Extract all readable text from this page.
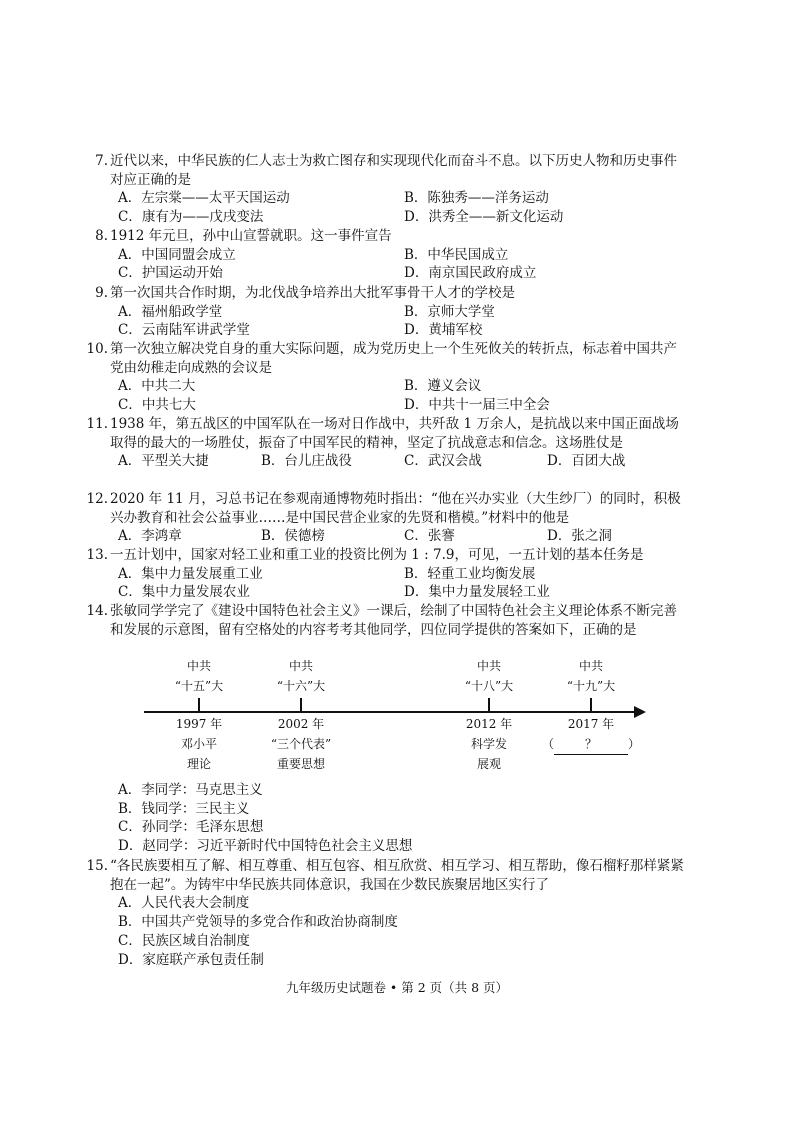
7. 近代以来，中华民族的仁人志士为救亡图存和实现现代化而奋斗不息。以下历史人物和历史事件对应正确的是
A．左宗棠——太平天国运动	B．陈独秀——洋务运动
C．康有为——戊戌变法	D．洪秀全——新文化运动
8. 1912 年元旦，孙中山宣誓就职。这一事件宣告
A．中国同盟会成立	B．中华民国成立
C．护国运动开始	D．南京国民政府成立
9. 第一次国共合作时期，为北伐战争培养出大批军事骨干人才的学校是
A．福州船政学堂	B．京师大学堂
C．云南陆军讲武学堂	D．黄埔军校
10. 第一次独立解决党自身的重大实际问题，成为党历史上一个生死攸关的转折点，标志着中国共产党由幼稚走向成熟的会议是
A．中共二大	B．遵义会议
C．中共七大	D．中共十一届三中全会
11. 1938 年，第五战区的中国军队在一场对日作战中，共歼敌 1 万余人，是抗战以来中国正面战场取得的最大的一场胜仗，振奋了中国军民的精神，坚定了抗战意志和信念。这场胜仗是
A．平型关大捷	B．台儿庄战役	C．武汉会战	D．百团大战
12. 2020 年 11 月，习总书记在参观南通博物苑时指出：“他在兴办实业（大生纱厂）的同时，积极兴办教育和社会公益事业……是中国民营企业家的先贤和楷模。”材料中的他是
A．李鸿章	B．侯德榜	C．张謇	D．张之洞
13. 一五计划中，国家对轻工业和重工业的投资比例为 1 : 7.9，可见，一五计划的基本任务是
A．集中力量发展重工业	B．轻重工业均衡发展
C．集中力量发展农业	D．集中力量发展轻工业
14. 张敏同学学完了《建设中国特色社会主义》一课后，绘制了中国特色社会主义理论体系不断完善和发展的示意图，留有空格处的内容考考其他同学，四位同学提供的答案如下，正确的是
中共
“十五”大
1997 年
邓小平
理论
中共
“十六”大
2002 年
“三个代表”
重要思想
中共
“十八”大
2012 年
科学发
展观
中共
“十九”大
2017 年
（	？	）
A．李同学：马克思主义
B．钱同学：三民主义
C．孙同学：毛泽东思想
D．赵同学：习近平新时代中国特色社会主义思想
15. “各民族要相互了解、相互尊重、相互包容、相互欣赏、相互学习、相互帮助，像石榴籽那样紧紧抱在一起”。为铸牢中华民族共同体意识，我国在少数民族聚居地区实行了
A．人民代表大会制度
B．中国共产党领导的多党合作和政治协商制度
C．民族区域自治制度
D．家庭联产承包责任制
九年级历史试题卷 • 第 2 页（共 8 页）
